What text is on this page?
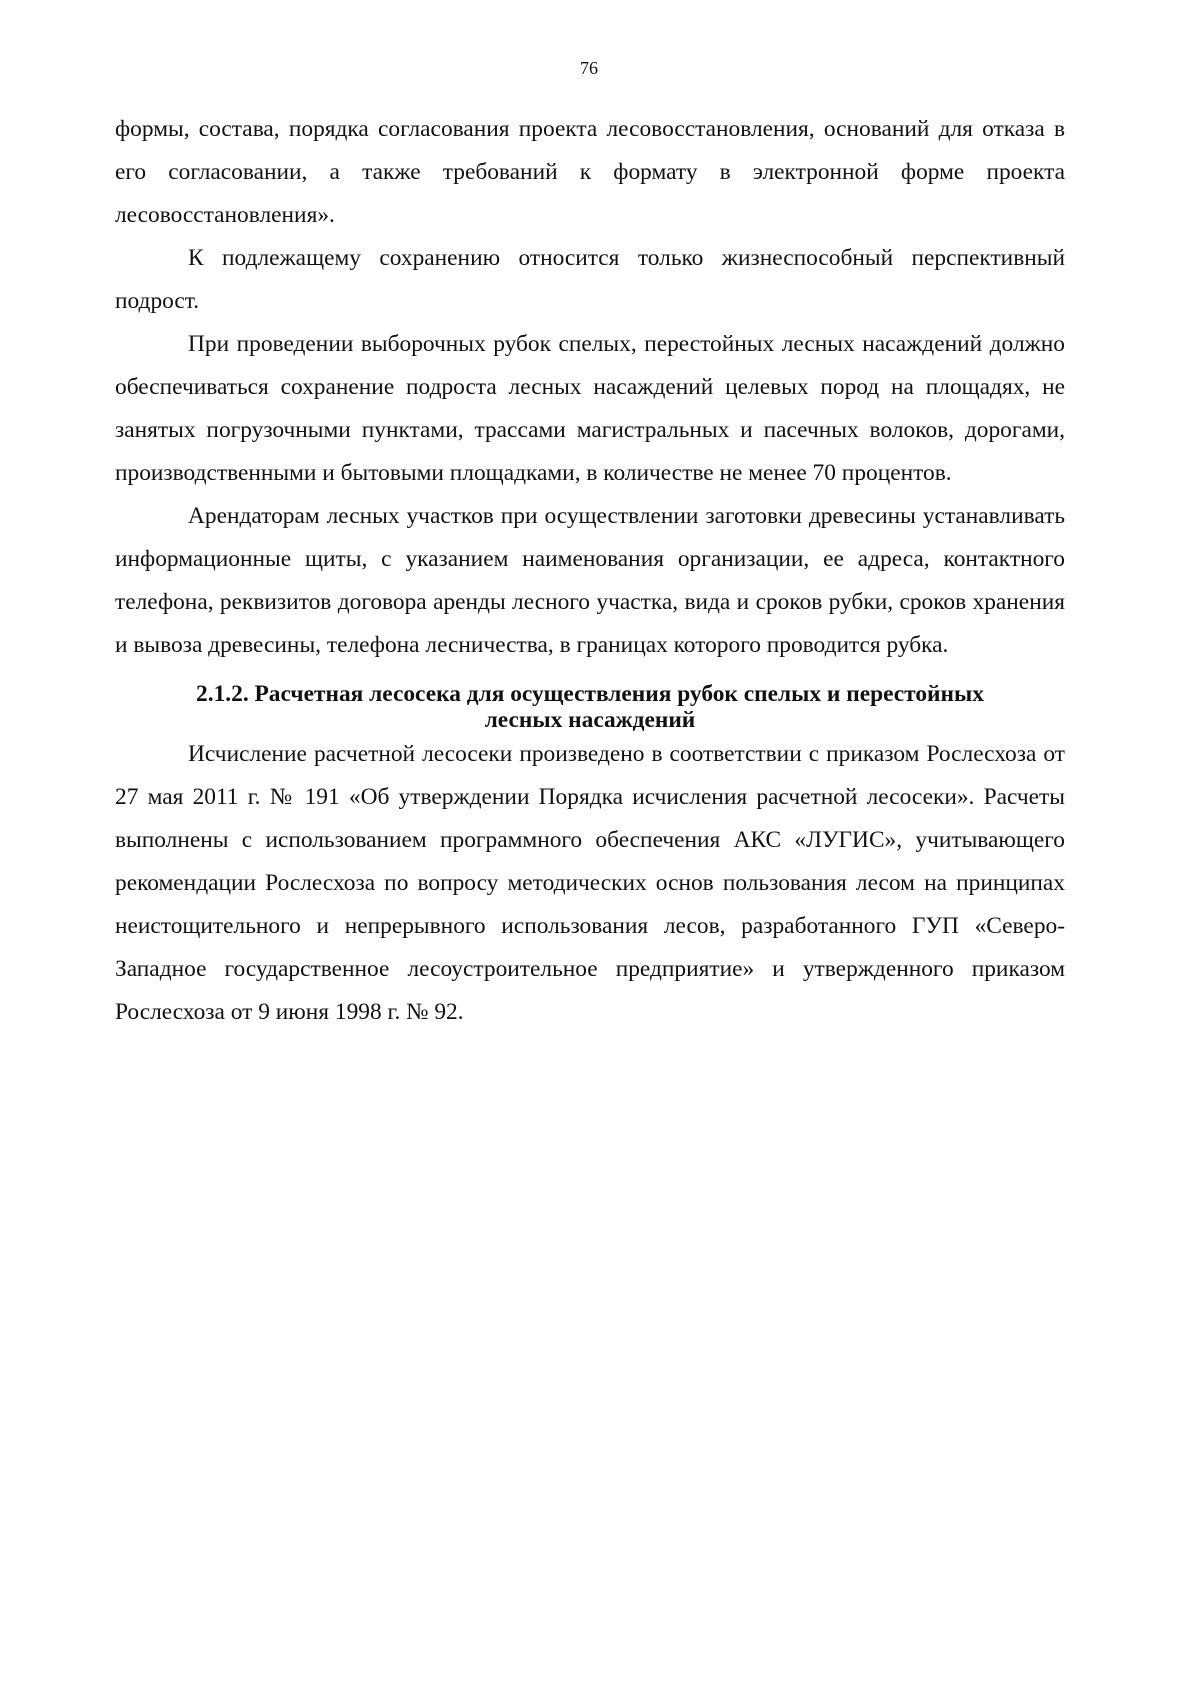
76

формы, состава, порядка согласования проекта лесовосстановления, оснований для отказа в его согласовании, а также требований к формату в электронной форме проекта лесовосстановления».

К подлежащему сохранению относится только жизнеспособный перспективный подрост.

При проведении выборочных рубок спелых, перестойных лесных насаждений должно обеспечиваться сохранение подроста лесных насаждений целевых пород на площадях, не занятых погрузочными пунктами, трассами магистральных и пасечных волоков, дорогами, производственными и бытовыми площадками, в количестве не менее 70 процентов.

Арендаторам лесных участков при осуществлении заготовки древесины устанавливать информационные щиты, с указанием наименования организации, ее адреса, контактного телефона, реквизитов договора аренды лесного участка, вида и сроков рубки, сроков хранения и вывоза древесины, телефона лесничества, в границах которого проводится рубка.

2.1.2. Расчетная лесосека для осуществления рубок спелых и перестойных
лесных насаждений

Исчисление расчетной лесосеки произведено в соответствии с приказом Рослесхоза от 27 мая 2011 г. № 191 «Об утверждении Порядка исчисления расчетной лесосеки». Расчеты выполнены с использованием программного обеспечения АКС «ЛУГИС», учитывающего рекомендации Рослесхоза по вопросу методических основ пользования лесом на принципах неистощительного и непрерывного использования лесов, разработанного ГУП «Северо-Западное государственное лесоустроительное предприятие» и утвержденного приказом Рослесхоза от 9 июня 1998 г. № 92.
